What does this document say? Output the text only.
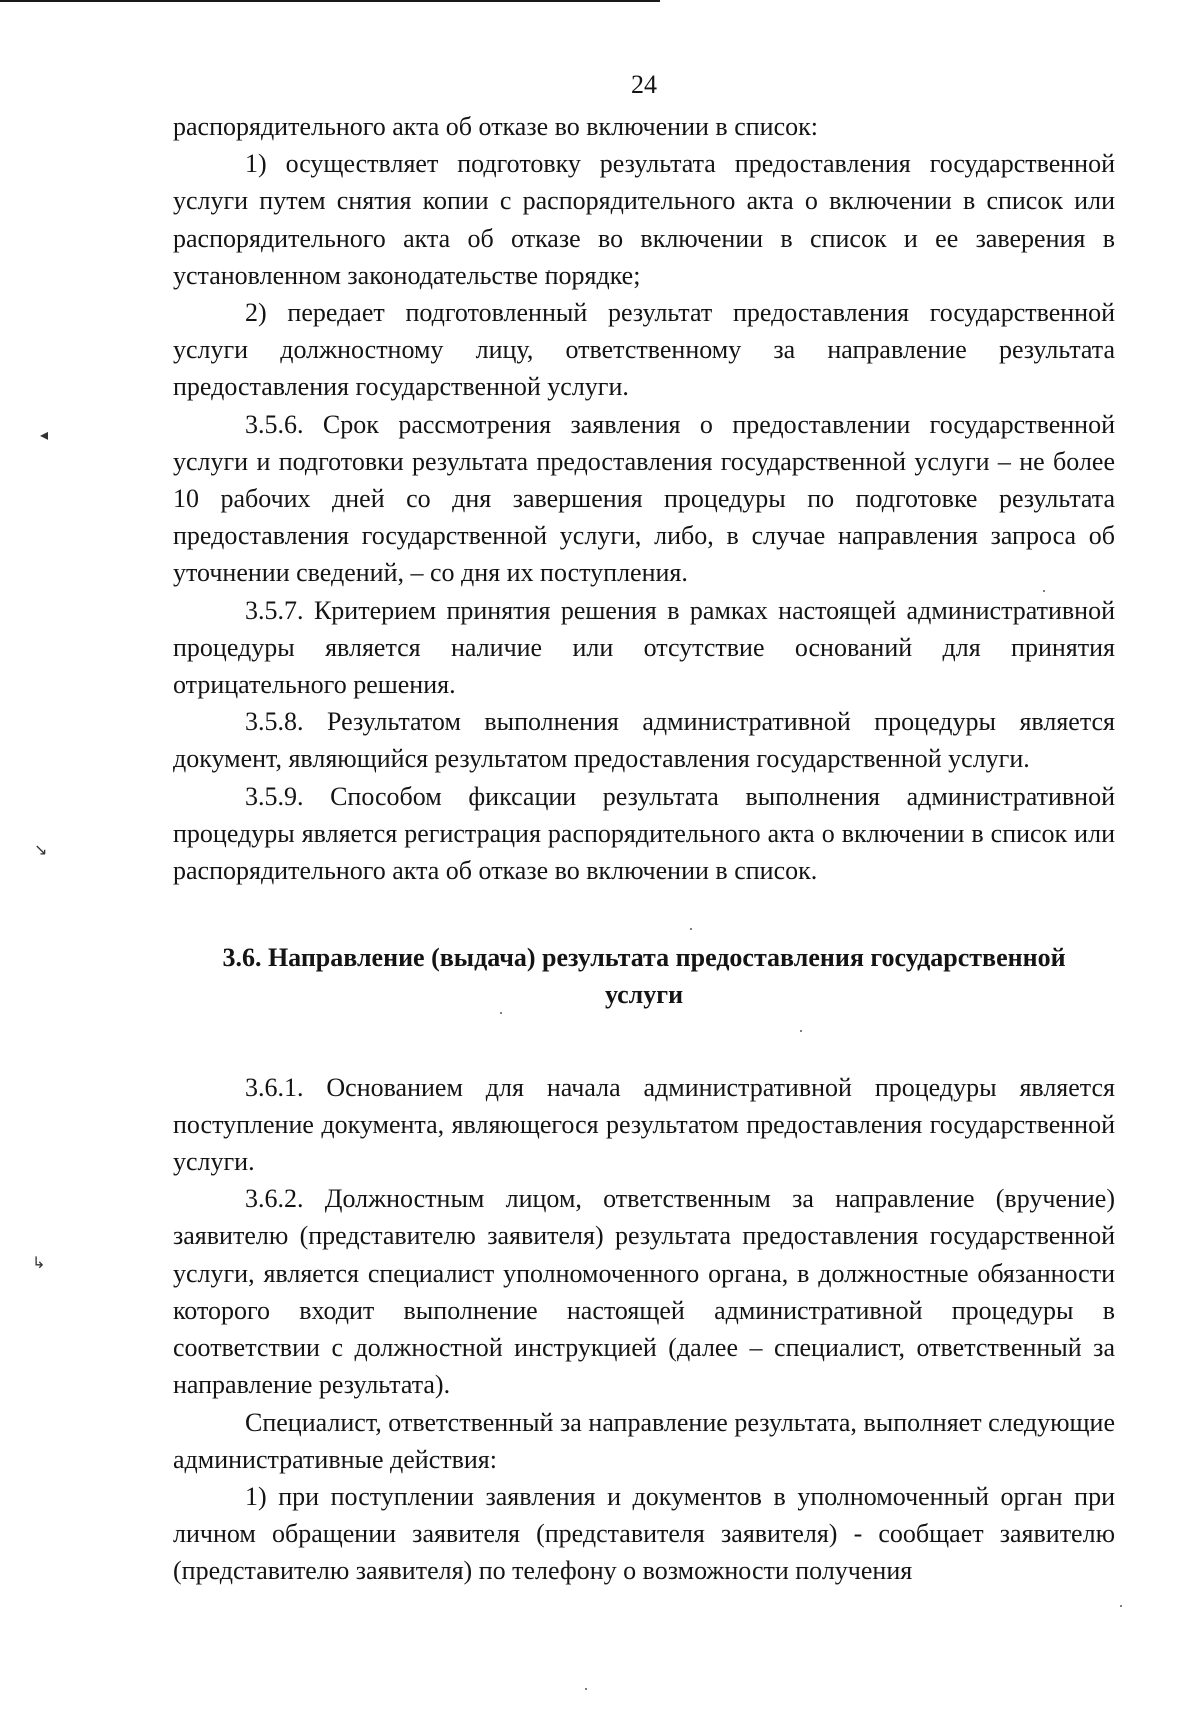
◂
↘
↳
24

распорядительного акта об отказе во включении в список:

1) осуществляет подготовку результата предоставления государственной услуги путем снятия копии с распорядительного акта о включении в список или распорядительного акта об отказе во включении в список и ее заверения в установленном законодательстве порядке;

2) передает подготовленный результат предоставления государственной услуги должностному лицу, ответственному за направление результата предоставления государственной услуги.

3.5.6. Срок рассмотрения заявления о предоставлении государственной услуги и подготовки результата предоставления государственной услуги – не более 10 рабочих дней со дня завершения процедуры по подготовке результата предоставления государственной услуги, либо, в случае направления запроса об уточнении сведений, – со дня их поступления.

3.5.7. Критерием принятия решения в рамках настоящей административной процедуры является наличие или отсутствие оснований для принятия отрицательного решения.

3.5.8. Результатом выполнения административной процедуры является документ, являющийся результатом предоставления государственной услуги.

3.5.9. Способом фиксации результата выполнения административной процедуры является регистрация распорядительного акта о включении в список или распорядительного акта об отказе во включении в список.

3.6. Направление (выдача) результата предоставления государственной услуги

3.6.1. Основанием для начала административной процедуры является поступление документа, являющегося результатом предоставления государственной услуги.

3.6.2. Должностным лицом, ответственным за направление (вручение) заявителю (представителю заявителя) результата предоставления государственной услуги, является специалист уполномоченного органа, в должностные обязанности которого входит выполнение настоящей административной процедуры в соответствии с должностной инструкцией (далее – специалист, ответственный за направление результата).

Специалист, ответственный за направление результата, выполняет следующие административные действия:

1) при поступлении заявления и документов в уполномоченный орган при личном обращении заявителя (представителя заявителя) - сообщает заявителю (представителю заявителя) по телефону о возможности получения
